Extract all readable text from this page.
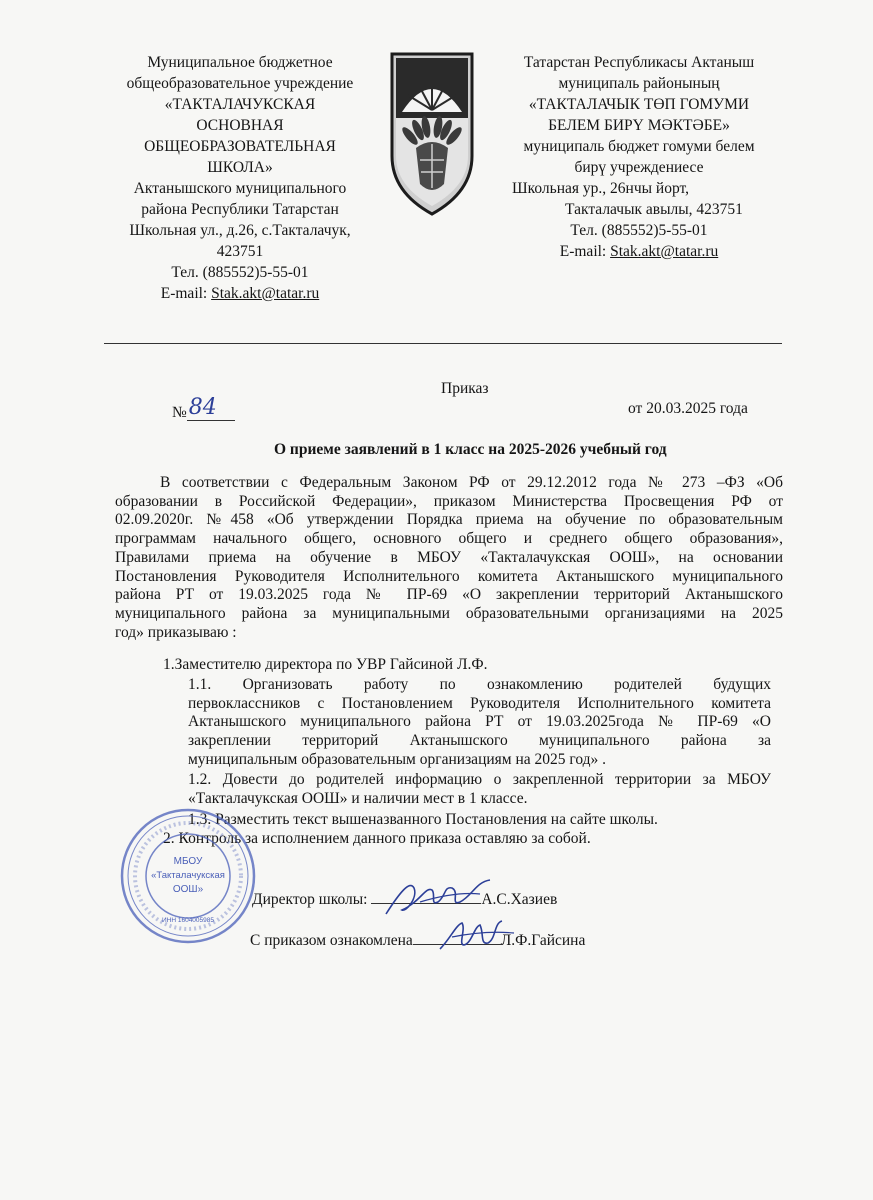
Муниципальное бюджетное
общеобразовательное учреждение
«ТАКТАЛАЧУКСКАЯ
ОСНОВНАЯ
ОБЩЕОБРАЗОВАТЕЛЬНАЯ
ШКОЛА»
Актанышского муниципального
района Республики Татарстан
Школьная ул., д.26, с.Такталачук,
423751
Тел. (885552)5-55-01
E-mail: Stak.akt@tatar.ru
Татарстан Республикасы Актаныш
муниципаль районының
«ТАКТАЛАЧЫК ТӨП ГОМУМИ
БЕЛЕМ БИРҮ МӘКТӘБЕ»
муниципаль бюджет гомуми белем
бирү учреждениесе
Школьная ур., 26нчы йорт,
Такталачык авылы, 423751
Тел. (885552)5-55-01
E-mail: Stak.akt@tatar.ru
Приказ
№84	от 20.03.2025 года
О приеме заявлений в 1 класс на 2025-2026 учебный год
В соответствии с Федеральным Законом РФ от 29.12.2012 года № 273 –ФЗ «Об
образовании в Российской Федерации», приказом Министерства Просвещения РФ от
02.09.2020г. №458 «Об утверждении Порядка приема на обучение по образовательным
программам начального общего, основного общего и среднего общего образования»,
Правилами приема на обучение в МБОУ «Такталачукская ООШ», на основании
Постановления Руководителя Исполнительного комитета Актанышского муниципального
района РТ от 19.03.2025 года № ПР-69 «О закреплении территорий Актанышского
муниципального района за муниципальными образовательными организациями на 2025
год» приказываю :
1.Заместителю директора по УВР Гайсиной Л.Ф.
1.1. Организовать работу по ознакомлению родителей будущих
первоклассников с Постановлением Руководителя Исполнительного комитета
Актанышского муниципального района РТ от 19.03.2025года № ПР-69 «О
закреплении территорий Актанышского муниципального района за
муниципальным образовательным организациям на 2025 год» .
1.2. Довести до родителей информацию о закрепленной территории за МБОУ
«Такталачукская ООШ» и наличии мест в 1 классе.
1.3. Разместить текст вышеназванного Постановления на сайте школы.
2. Контроль за исполнением данного приказа оставляю за собой.
Директор школы:	А.С.Хазиев
С приказом ознакомлена	Л.Ф.Гайсина
МБОУ
«Такталачукская
ООШ»
ИНН 1604005985
